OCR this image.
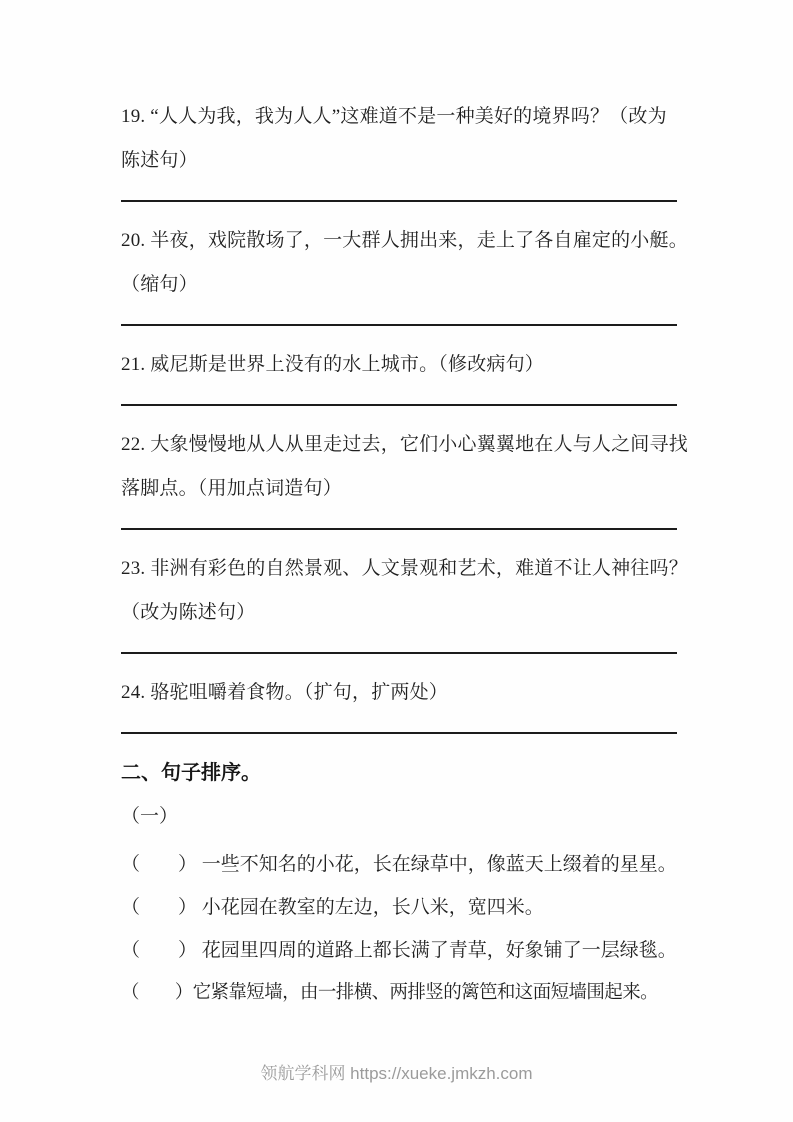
19. “人人为我，我为人人”这难道不是一种美好的境界吗？（改为
陈述句）
20. 半夜，戏院散场了，一大群人拥出来，走上了各自雇定的小艇。
（缩句）
21. 威尼斯是世界上没有的水上城市。（修改病句）
22. 大象慢慢地从人从里走过去，它们小心翼翼地在人与人之间寻找
落脚点。（用加点词造句）
23. 非洲有彩色的自然景观、人文景观和艺术，难道不让人神往吗？
（改为陈述句）
24. 骆驼咀嚼着食物。（扩句，扩两处）
二、句子排序。
（一）
（　　） 一些不知名的小花，长在绿草中，像蓝天上缀着的星星。
（　　） 小花园在教室的左边，长八米，宽四米。
（　　） 花园里四周的道路上都长满了青草，好象铺了一层绿毯。
（　　）它紧靠短墙，由一排横、两排竖的篱笆和这面短墙围起来。
领航学科网 https://xueke.jmkzh.com
